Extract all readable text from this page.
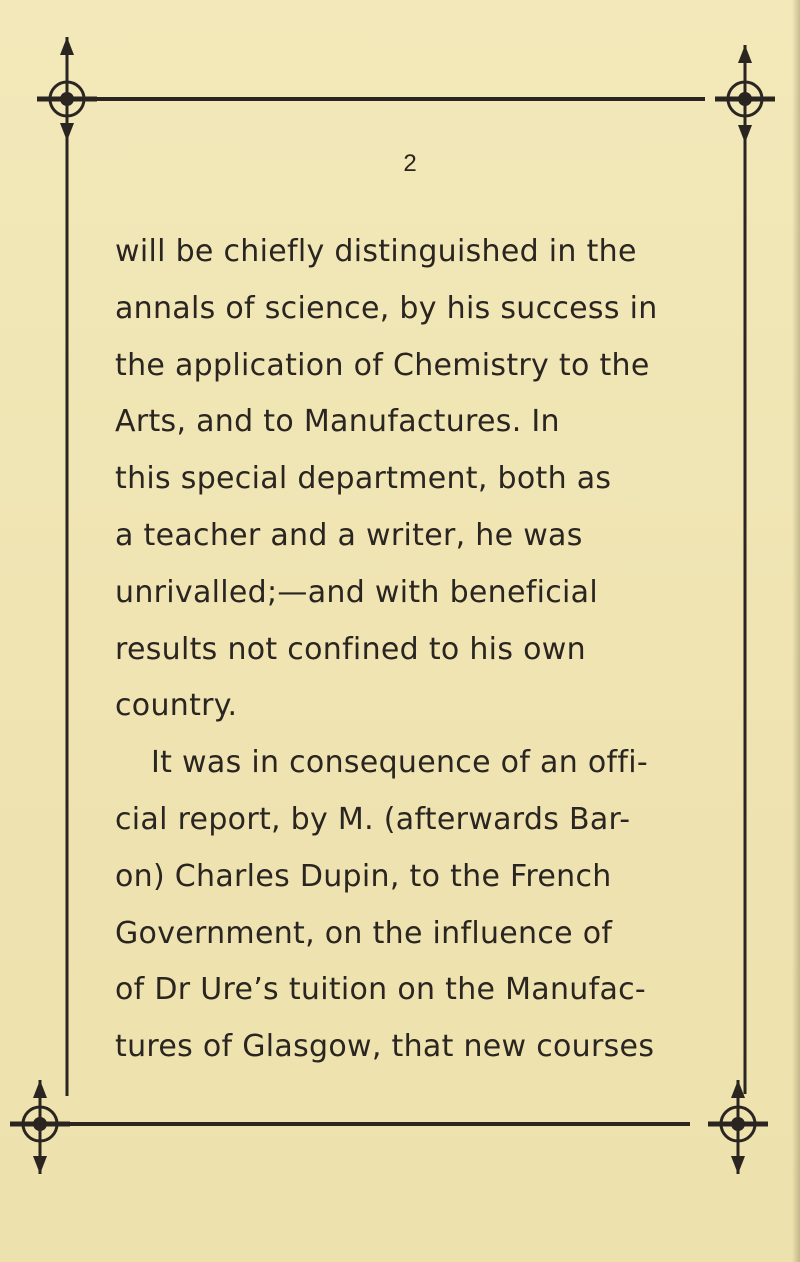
2
will be chiefly distinguished in the
annals of science, by his success in
the application of Chemistry to the
Arts, and to Manufactures. In
this special department, both as
a teacher and a writer, he was
unrivalled;—and with beneficial
results not confined to his own
country.
It was in consequence of an offi-
cial report, by M. (afterwards Bar-
on) Charles Dupin, to the French
Government, on the influence of
of Dr Ure’s tuition on the Manufac-
tures of Glasgow, that new courses
